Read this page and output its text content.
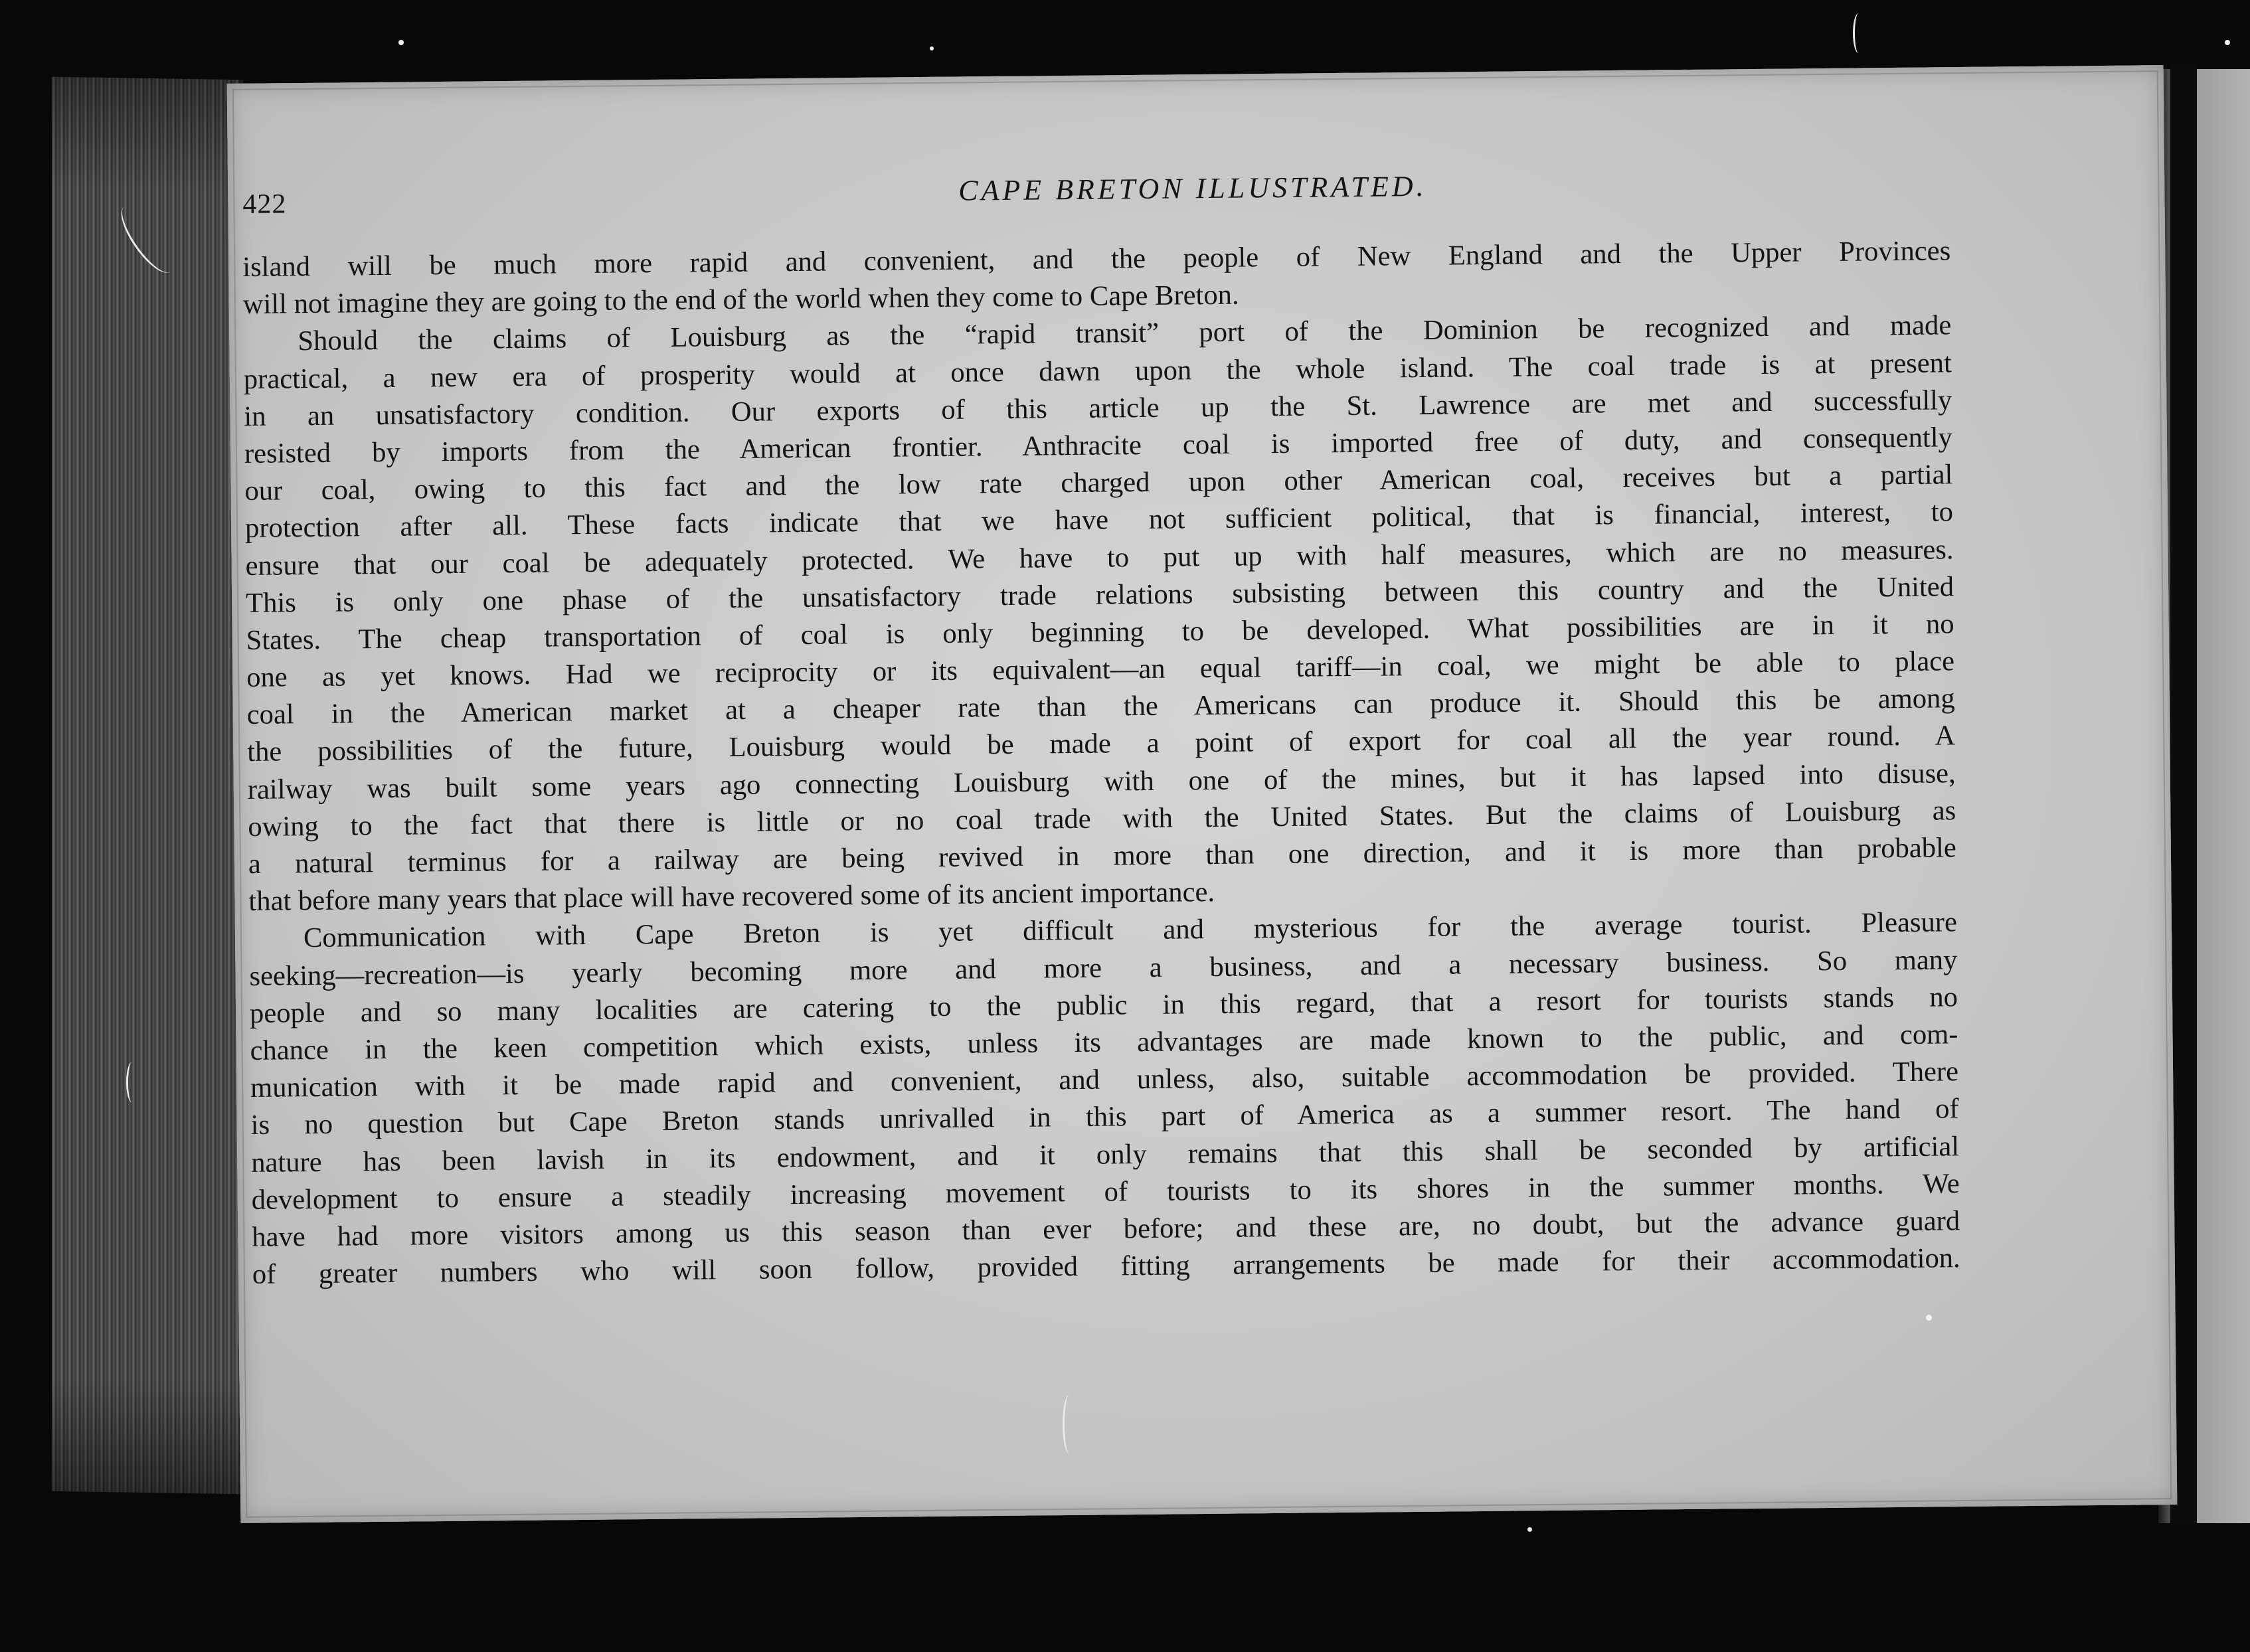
422	CAPE BRETON ILLUSTRATED.
island will be much more rapid and convenient, and the people of New England and the Upper Provinces
will not imagine they are going to the end of the world when they come to Cape Breton.
Should the claims of Louisburg as the “rapid transit” port of the Dominion be recognized and made
practical, a new era of prosperity would at once dawn upon the whole island. The coal trade is at present
in an unsatisfactory condition. Our exports of this article up the St. Lawrence are met and successfully
resisted by imports from the American frontier. Anthracite coal is imported free of duty, and consequently
our coal, owing to this fact and the low rate charged upon other American coal, receives but a partial
protection after all. These facts indicate that we have not sufficient political, that is financial, interest, to
ensure that our coal be adequately protected. We have to put up with half measures, which are no measures.
This is only one phase of the unsatisfactory trade relations subsisting between this country and the United
States. The cheap transportation of coal is only beginning to be developed. What possibilities are in it no
one as yet knows. Had we reciprocity or its equivalent—an equal tariff—in coal, we might be able to place
coal in the American market at a cheaper rate than the Americans can produce it. Should this be among
the possibilities of the future, Louisburg would be made a point of export for coal all the year round. A
railway was built some years ago connecting Louisburg with one of the mines, but it has lapsed into disuse,
owing to the fact that there is little or no coal trade with the United States. But the claims of Louisburg as
a natural terminus for a railway are being revived in more than one direction, and it is more than probable
that before many years that place will have recovered some of its ancient importance.
Communication with Cape Breton is yet difficult and mysterious for the average tourist. Pleasure
seeking—recreation—is yearly becoming more and more a business, and a necessary business. So many
people and so many localities are catering to the public in this regard, that a resort for tourists stands no
chance in the keen competition which exists, unless its advantages are made known to the public, and com-
munication with it be made rapid and convenient, and unless, also, suitable accommodation be provided. There
is no question but Cape Breton stands unrivalled in this part of America as a summer resort. The hand of
nature has been lavish in its endowment, and it only remains that this shall be seconded by artificial
development to ensure a steadily increasing movement of tourists to its shores in the summer months. We
have had more visitors among us this season than ever before; and these are, no doubt, but the advance guard
of greater numbers who will soon follow, provided fitting arrangements be made for their accommodation.
